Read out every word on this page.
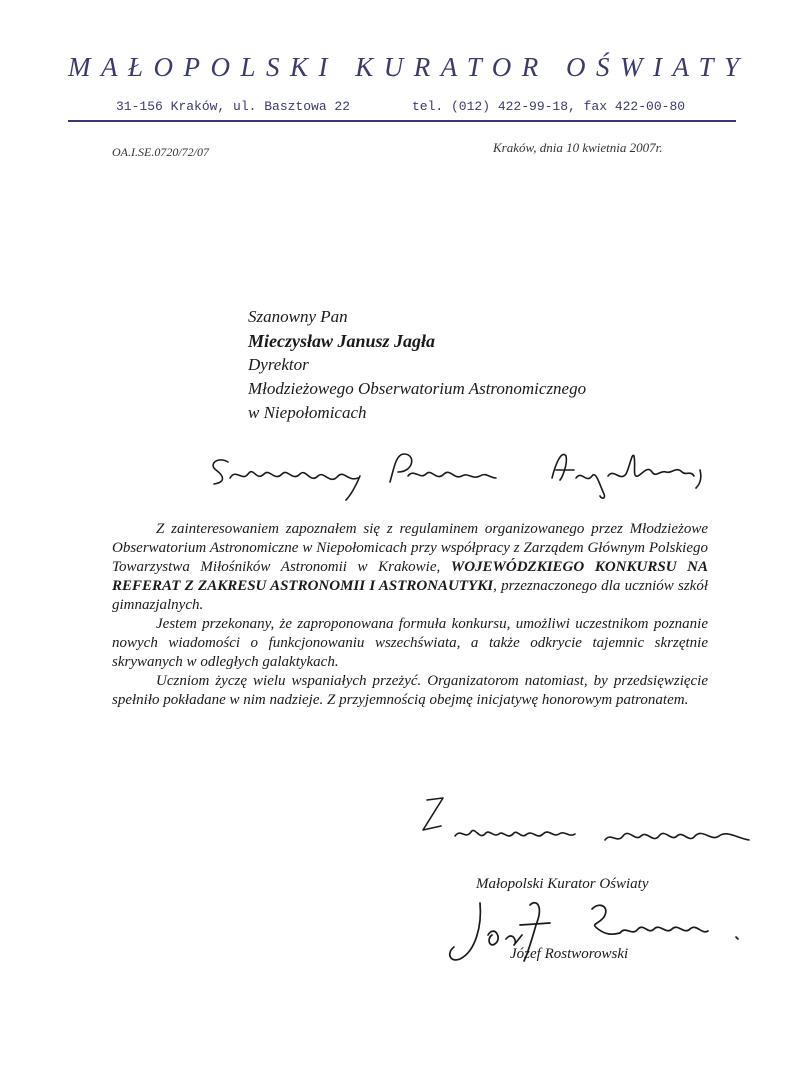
MAŁOPOLSKI KURATOR OŚWIATY
31-156 Kraków, ul. Basztowa 22	tel. (012) 422-99-18, fax 422-00-80
OA.I.SE.0720/72/07	Kraków, dnia 10 kwietnia 2007r.
Szanowny Pan
Mieczysław Janusz Jagła
Dyrektor
Młodzieżowego Obserwatorium Astronomicznego
w Niepołomicach

Z zainteresowaniem zapoznałem się z regulaminem organizowanego przez Młodzieżowe Obserwatorium Astronomiczne w Niepołomicach przy współpracy z Zarządem Głównym Polskiego Towarzystwa Miłośników Astronomii w Krakowie, WOJEWÓDZKIEGO KONKURSU NA REFERAT Z ZAKRESU ASTRONOMII I ASTRONAUTYKI, przeznaczonego dla uczniów szkół gimnazjalnych.

Jestem przekonany, że zaproponowana formuła konkursu, umożliwi uczestnikom poznanie nowych wiadomości o funkcjonowaniu wszechświata, a także odkrycie tajemnic skrzętnie skrywanych w odległych galaktykach.

Uczniom życzę wielu wspaniałych przeżyć. Organizatorom natomiast, by przedsięwzięcie spełniło pokładane w nim nadzieje. Z przyjemnością obejmę inicjatywę honorowym patronatem.

Małopolski Kurator Oświaty
Józef Rostworowski
